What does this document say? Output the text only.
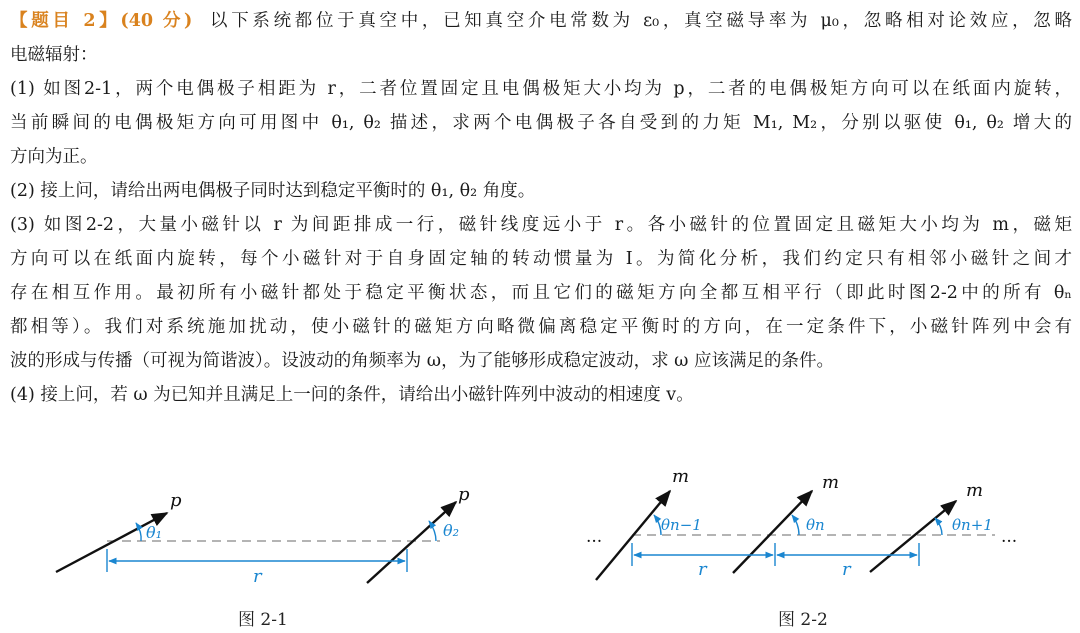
【题目 2】(40 分) 以下系统都位于真空中，已知真空介电常数为 ε₀，真空磁导率为 μ₀，忽略相对论效应，忽略
电磁辐射：
(1) 如图2-1，两个电偶极子相距为 r，二者位置固定且电偶极矩大小均为 p，二者的电偶极矩方向可以在纸面内旋转，
当前瞬间的电偶极矩方向可用图中 θ₁, θ₂ 描述，求两个电偶极子各自受到的力矩 M₁, M₂，分别以驱使 θ₁, θ₂ 增大的
方向为正。
(2) 接上问，请给出两电偶极子同时达到稳定平衡时的 θ₁, θ₂ 角度。
(3) 如图2-2，大量小磁针以 r 为间距排成一行，磁针线度远小于 r。各小磁针的位置固定且磁矩大小均为 m，磁矩
方向可以在纸面内旋转，每个小磁针对于自身固定轴的转动惯量为 I。为简化分析，我们约定只有相邻小磁针之间才
存在相互作用。最初所有小磁针都处于稳定平衡状态，而且它们的磁矩方向全都互相平行（即此时图2-2中的所有 θₙ
都相等）。我们对系统施加扰动，使小磁针的磁矩方向略微偏离稳定平衡时的方向，在一定条件下，小磁针阵列中会有
波的形成与传播（可视为简谐波）。设波动的角频率为 ω，为了能够形成稳定波动，求 ω 应该满足的条件。
(4) 接上问，若 ω 为已知并且满足上一问的条件，请给出小磁针阵列中波动的相速度 v。
p	p
θ₁	θ₂
r
...	...
m	m	m
θn−1	θn	θn+1
r	r
图 2-1	图 2-2
